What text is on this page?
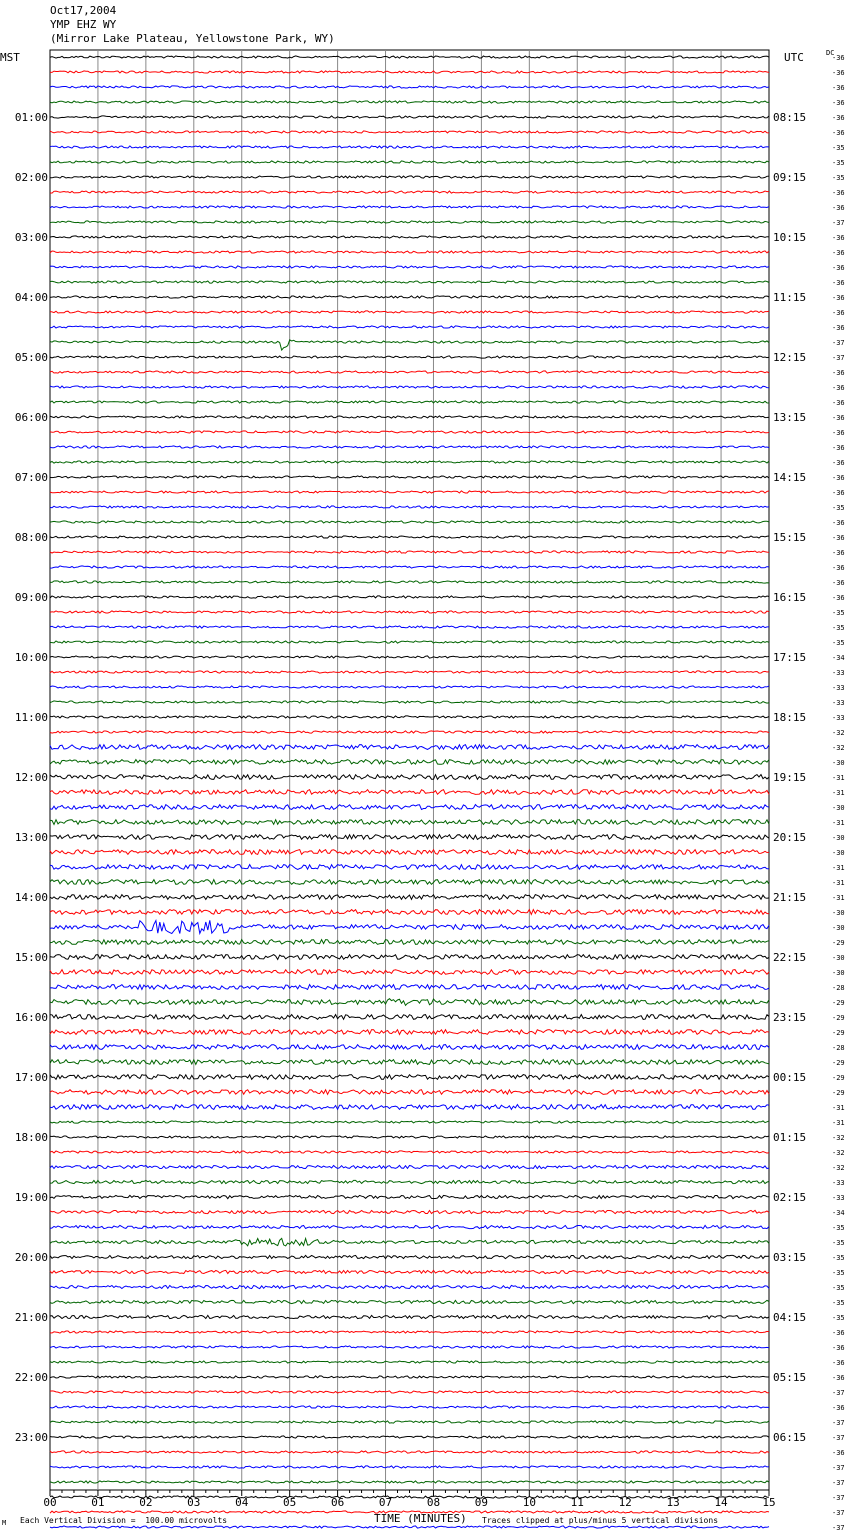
Oct17,2004
YMP EHZ WY
(Mirror Lake Plateau, Yellowstone Park, WY)
MST	UTC	DC
-36
-36
-36
-36
-36
-36
-35
-35
-35
-36
-36
-37
-36
-36
-36
-36
-36
-36
-36
-37
-37
-36
-36
-36
-36
-36
-36
-36
-36
-36
-35
-36
-36
-36
-36
-36
-36
-35
-35
-35
-34
-33
-33
-33
-33
-32
-32
-30
-31
-31
-30
-31
-30
-30
-31
-31
-31
-30
-30
-29
-30
-30
-28
-29
-29
-29
-28
-29
-29
-29
-31
-31
-32
-32
-32
-33
-33
-34
-35
-35
-35
-35
-35
-35
-35
-36
-36
-36
-36
-37
-36
-37
-37
-36
-37
-37
-37
-37
-37
01:00
02:00
03:00
04:00
05:00
06:00
07:00
08:00
09:00
10:00
11:00
12:00
13:00
14:00
15:00
16:00
17:00
18:00
19:00
20:00
21:00
22:00
23:00
08:15
09:15
10:15
11:15
12:15
13:15
14:15
15:15
16:15
17:15
18:15
19:15
20:15
21:15
22:15
23:15
00:15
01:15
02:15
03:15
04:15
05:15
06:15
00	01	02	03	04	05	06	07	08	09	10	11	12	13	14	15
M Each Vertical Division =  100.00 microvolts	TIME (MINUTES) Traces clipped at plus/minus 5 vertical divisions
